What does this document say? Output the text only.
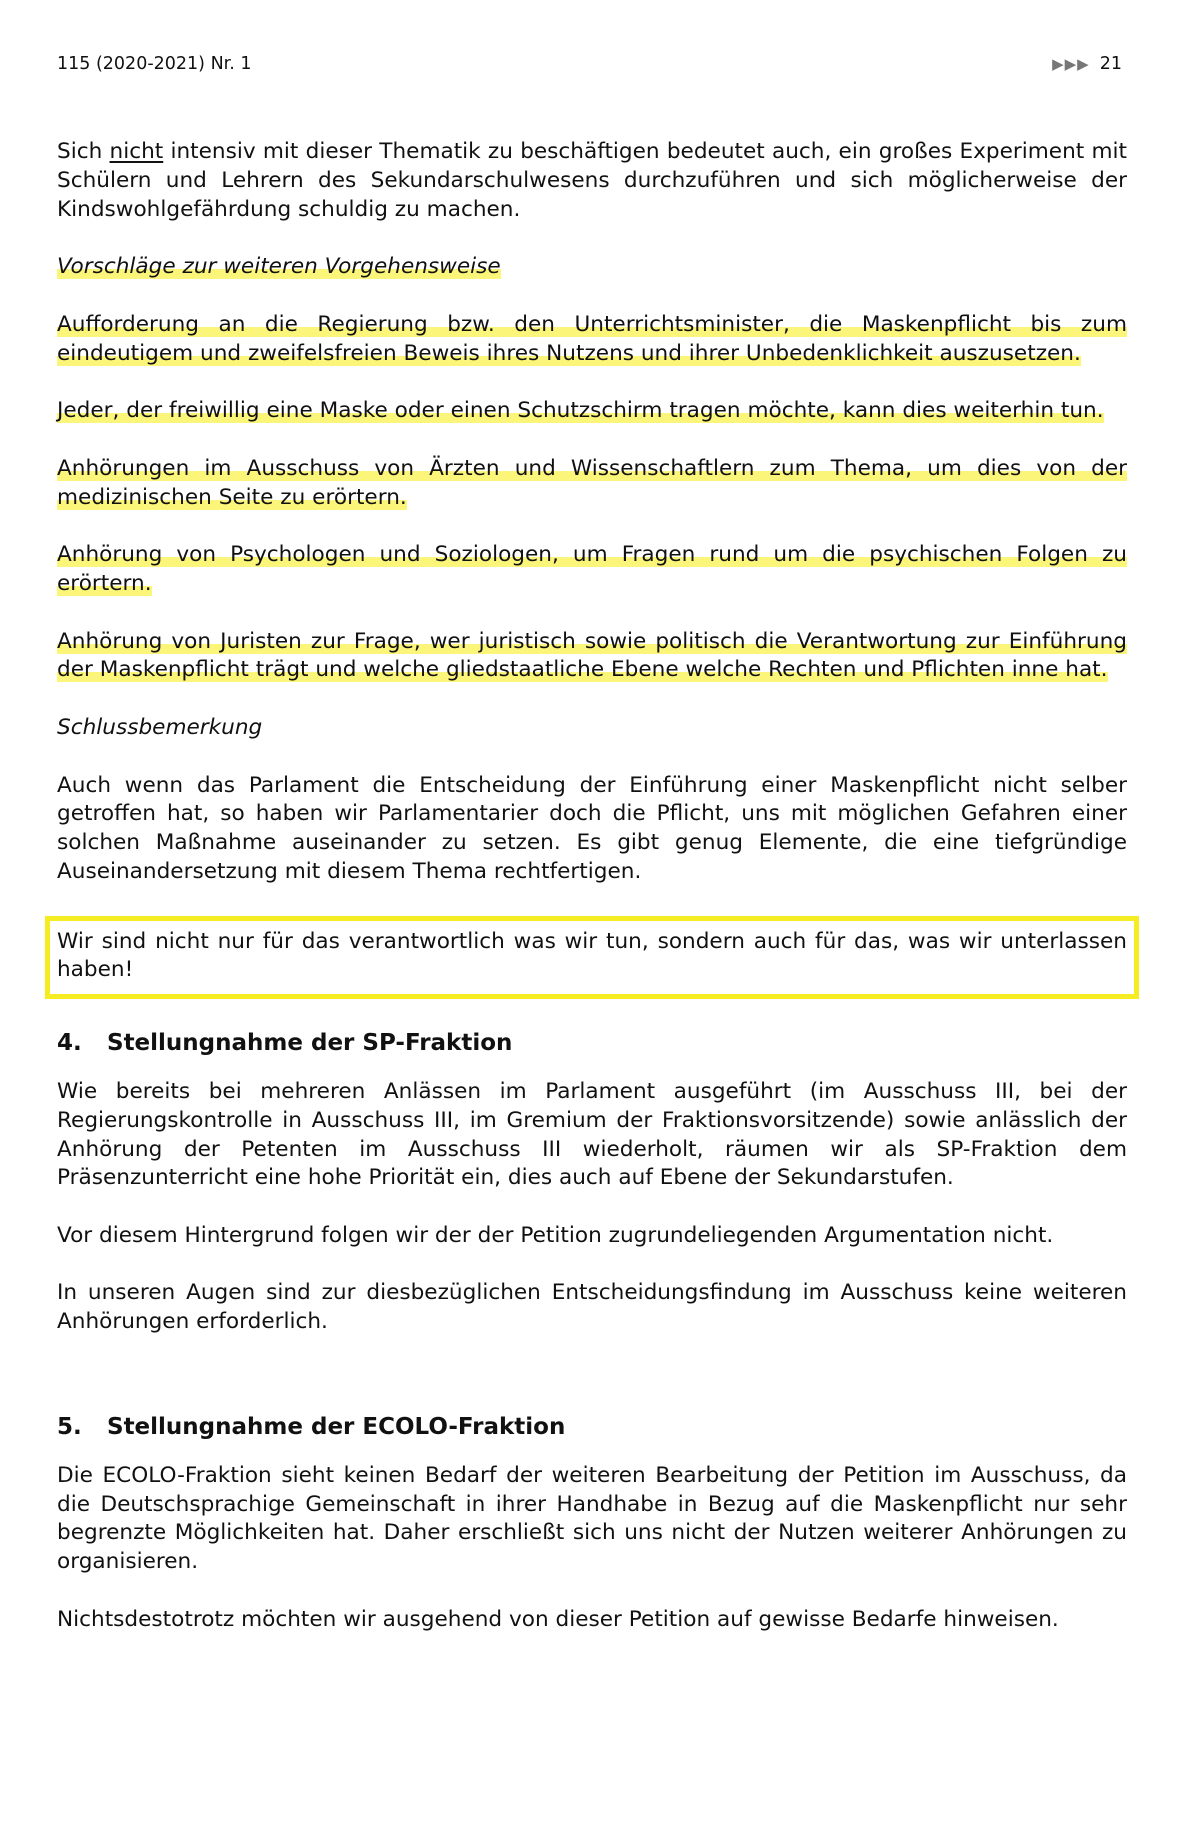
115 (2020-2021) Nr. 1	▶▶▶ 21

Sich nicht intensiv mit dieser Thematik zu beschäftigen bedeutet auch, ein großes Experiment mit Schülern und Lehrern des Sekundarschulwesens durchzuführen und sich möglicherweise der Kindswohlgefährdung schuldig zu machen.

Vorschläge zur weiteren Vorgehensweise

Aufforderung an die Regierung bzw. den Unterrichtsminister, die Maskenpflicht bis zum eindeutigem und zweifelsfreien Beweis ihres Nutzens und ihrer Unbedenklichkeit auszusetzen.

Jeder, der freiwillig eine Maske oder einen Schutzschirm tragen möchte, kann dies weiterhin tun.

Anhörungen im Ausschuss von Ärzten und Wissenschaftlern zum Thema, um dies von der medizinischen Seite zu erörtern.

Anhörung von Psychologen und Soziologen, um Fragen rund um die psychischen Folgen zu erörtern.

Anhörung von Juristen zur Frage, wer juristisch sowie politisch die Verantwortung zur Einführung der Maskenpflicht trägt und welche gliedstaatliche Ebene welche Rechten und Pflichten inne hat.

Schlussbemerkung

Auch wenn das Parlament die Entscheidung der Einführung einer Maskenpflicht nicht selber getroffen hat, so haben wir Parlamentarier doch die Pflicht, uns mit möglichen Gefahren einer solchen Maßnahme auseinander zu setzen. Es gibt genug Elemente, die eine tiefgründige Auseinandersetzung mit diesem Thema rechtfertigen.

Wir sind nicht nur für das verantwortlich was wir tun, sondern auch für das, was wir unterlassen haben!

4.	Stellungnahme der SP-Fraktion

Wie bereits bei mehreren Anlässen im Parlament ausgeführt (im Ausschuss III, bei der Regierungskontrolle in Ausschuss III, im Gremium der Fraktionsvorsitzende) sowie anlässlich der Anhörung der Petenten im Ausschuss III wiederholt, räumen wir als SP-Fraktion dem Präsenzunterricht eine hohe Priorität ein, dies auch auf Ebene der Sekundarstufen.

Vor diesem Hintergrund folgen wir der der Petition zugrundeliegenden Argumentation nicht.

In unseren Augen sind zur diesbezüglichen Entscheidungsfindung im Ausschuss keine weiteren Anhörungen erforderlich.

5.	Stellungnahme der ECOLO-Fraktion

Die ECOLO-Fraktion sieht keinen Bedarf der weiteren Bearbeitung der Petition im Ausschuss, da die Deutschsprachige Gemeinschaft in ihrer Handhabe in Bezug auf die Maskenpflicht nur sehr begrenzte Möglichkeiten hat. Daher erschließt sich uns nicht der Nutzen weiterer Anhörungen zu organisieren.

Nichtsdestotrotz möchten wir ausgehend von dieser Petition auf gewisse Bedarfe hinweisen.
